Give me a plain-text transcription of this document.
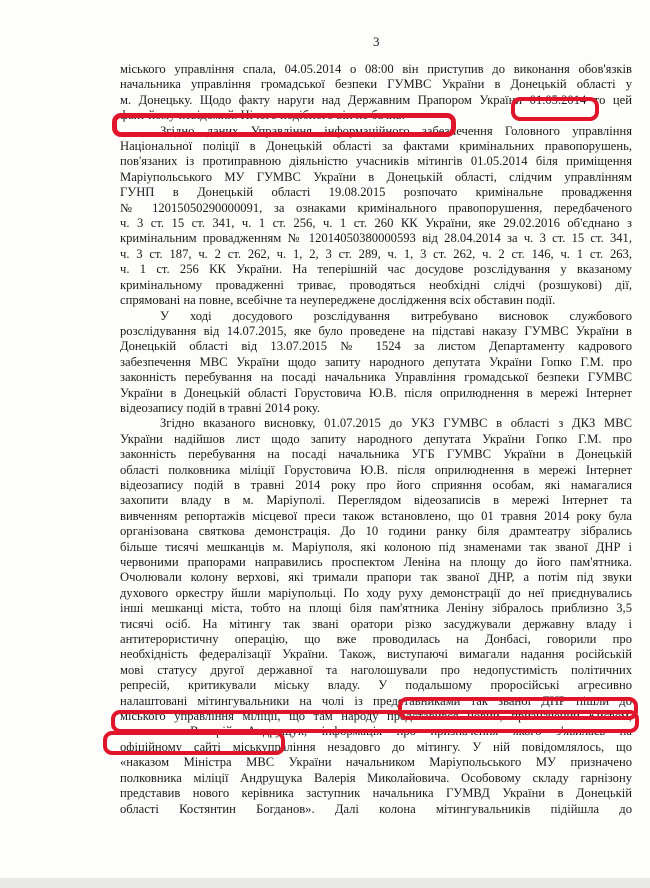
3
міського управління спала, 04.05.2014 о 08:00 він приступив до виконання обов'язків
начальника управління громадської безпеки ГУМВС України в Донецькій області у
м. Донецьку. Щодо факту наруги над Державним Прапором України 01.05.2014 то цей
факт йому невідомий. Нічого подібного він не бачив.
Згідно даних Управління інформаційного забезпечення Головного управління
Національної поліції в Донецькій області за фактами кримінальних правопорушень,
пов'язаних із протиправною діяльністю учасників мітингів 01.05.2014 біля приміщення
Маріупольського МУ ГУМВС України в Донецькій області, слідчим управлінням
ГУНП в Донецькій області 19.08.2015 розпочато кримінальне провадження
№ 12015050290000091, за ознаками кримінального правопорушення, передбаченого
ч. 3 ст. 15 ст. 341, ч. 1 ст. 256, ч. 1 ст. 260 КК України, яке 29.02.2016 об'єднано з
кримінальним провадженням № 12014050380000593 від 28.04.2014 за ч. 3 ст. 15 ст. 341,
ч. 3 ст. 187, ч. 2 ст. 262, ч. 1, 2, 3 ст. 289, ч. 1, 3 ст. 262, ч. 2 ст. 146, ч. 1 ст. 263,
ч. 1 ст. 256 КК України. На теперішній час досудове розслідування у вказаному
кримінальному провадженні триває, проводяться необхідні слідчі (розшукові) дії,
спрямовані на повне, всебічне та неупереджене дослідження всіх обставин події.
У ході досудового розслідування витребувано висновок службового
розслідування від 14.07.2015, яке було проведене на підставі наказу ГУМВС України в
Донецькій області від 13.07.2015 № 1524 за листом Департаменту кадрового
забезпечення МВС України щодо запиту народного депутата України Гопко Г.М. про
законність перебування на посаді начальника Управління громадської безпеки ГУМВС
України в Донецькій області Горустовича Ю.В. після оприлюднення в мережі Інтернет
відеозапису подій в травні 2014 року.
Згідно вказаного висновку, 01.07.2015 до УКЗ ГУМВС в області з ДКЗ МВС
України надійшов лист щодо запиту народного депутата України Гопко Г.М. про
законність перебування на посаді начальника УГБ ГУМВС України в Донецькій
області полковника міліції Горустовича Ю.В. після оприлюднення в мережі Інтернет
відеозапису подій в травні 2014 року про його сприяння особам, які намагалися
захопити владу в м. Маріуполі. Переглядом відеозаписів в мережі Інтернет та
вивченням репортажів місцевої преси також встановлено, що 01 травня 2014 року була
організована святкова демонстрація. До 10 години ранку біля драмтеатру зібрались
більше тисячі мешканців м. Маріуполя, які колоною під знаменами так званої ДНР і
червоними прапорами направились проспектом Леніна на площу до його пам'ятника.
Очолювали колону верхові, які тримали прапори так званої ДНР, а потім під звуки
духового оркестру йшли маріупольці. По ходу руху демонстрації до неї приєднувались
інші мешканці міста, тобто на площі біля пам'ятника Леніну зібралось приблизно 3,5
тисячі осіб. На мітингу так звані оратори різко засуджували державну владу і
антитерористичну операцію, що вже проводилась на Донбасі, говорили про
необхідність федералізації України. Також, виступаючі вимагали надання російській
мові статусу другої державної та наголошували про недопустимість політичних
репресій, критикували міську владу. У подальшому проросійські агресивно
налаштовані мітингувальники на чолі із представниками так званої ДНР пішли до
міського управління міліції, що там народу представився новий, призначений Києвом,
начальник Валерій Андрущук, інформація про призначення якого з'явилась на
офіційному сайті міськупраління незадовго до мітингу. У ній повідомлялось, що
«наказом Міністра МВС України начальником Маріупольського МУ призначено
полковника міліції Андрущука Валерія Миколайовича. Особовому складу гарнізону
представив нового керівника заступник начальника ГУМВД України в Донецькій
області Костянтин Богданов». Далі колона мітингувальників підійшла до
